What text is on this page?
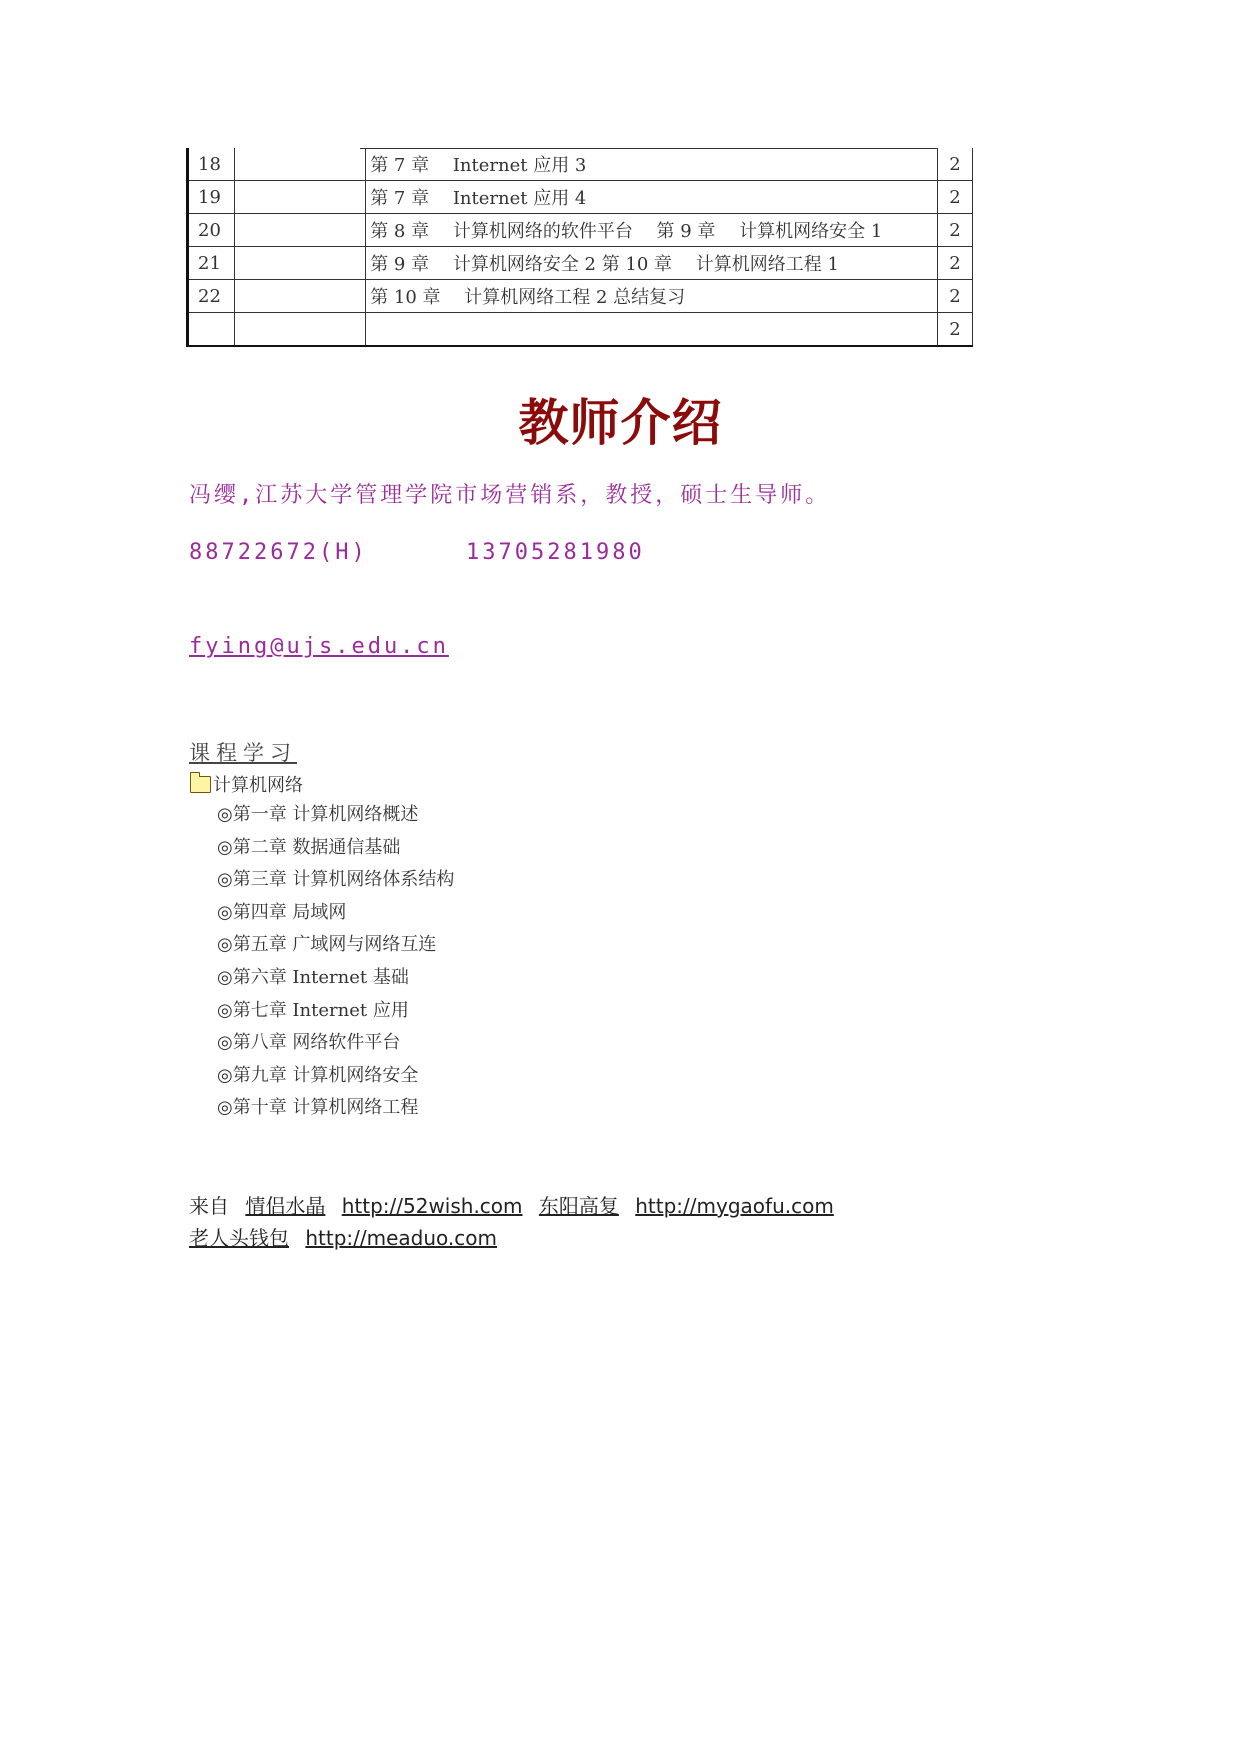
18		第 7 章 　Internet 应用 3	2
19		第 7 章 　Internet 应用 4	2
20		第 8 章 　计算机网络的软件平台 　第 9 章 　计算机网络安全 1	2
21		第 9 章 　计算机网络安全 2 第 10 章 　计算机网络工程 1	2
22		第 10 章 　计算机网络工程 2 总结复习	2
			2
教师介绍
冯缨,江苏大学管理学院市场营销系，教授，硕士生导师。
88722672(H)	13705281980
fying@ujs.edu.cn
课程学习
计算机网络
◎第一章 计算机网络概述
◎第二章 数据通信基础
◎第三章 计算机网络体系结构
◎第四章 局域网
◎第五章 广域网与网络互连
◎第六章 Internet 基础
◎第七章 Internet 应用
◎第八章 网络软件平台
◎第九章 计算机网络安全
◎第十章 计算机网络工程
来自 情侣水晶 http://52wish.com 东阳高复 http://mygaofu.com
老人头钱包 http://meaduo.com
